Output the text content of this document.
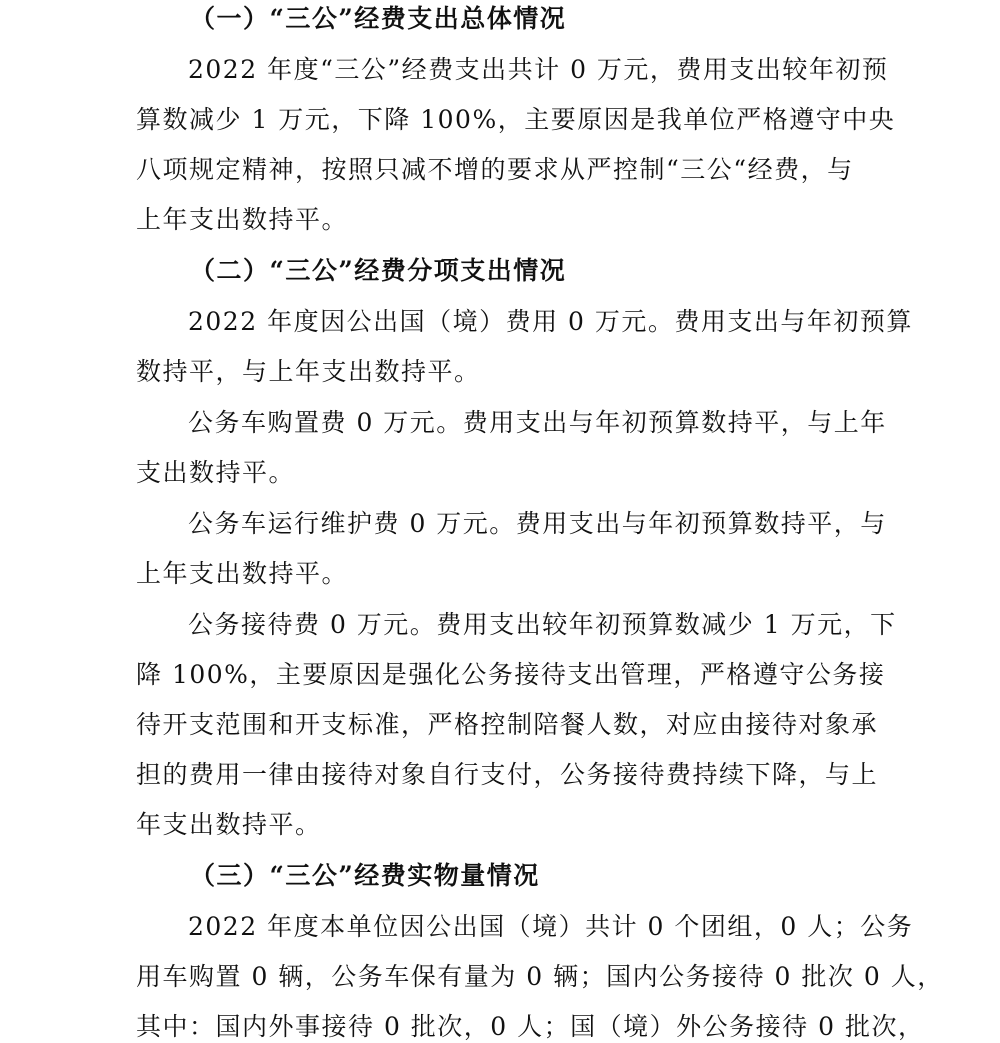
（一）“三公”经费支出总体情况
2022 年度“三公”经费支出共计 0 万元，费用支出较年初预
算数减少 1 万元，下降 100%，主要原因是我单位严格遵守中央
八项规定精神，按照只减不增的要求从严控制“三公“经费，与
上年支出数持平。
（二）“三公”经费分项支出情况
2022 年度因公出国（境）费用 0 万元。费用支出与年初预算
数持平，与上年支出数持平。
公务车购置费 0 万元。费用支出与年初预算数持平，与上年
支出数持平。
公务车运行维护费 0 万元。费用支出与年初预算数持平，与
上年支出数持平。
公务接待费 0 万元。费用支出较年初预算数减少 1 万元，下
降 100%，主要原因是强化公务接待支出管理，严格遵守公务接
待开支范围和开支标准，严格控制陪餐人数，对应由接待对象承
担的费用一律由接待对象自行支付，公务接待费持续下降，与上
年支出数持平。
（三）“三公”经费实物量情况
2022 年度本单位因公出国（境）共计 0 个团组，0 人；公务
用车购置 0 辆，公务车保有量为 0 辆；国内公务接待 0 批次 0 人，
其中：国内外事接待 0 批次，0 人；国（境）外公务接待 0 批次，
